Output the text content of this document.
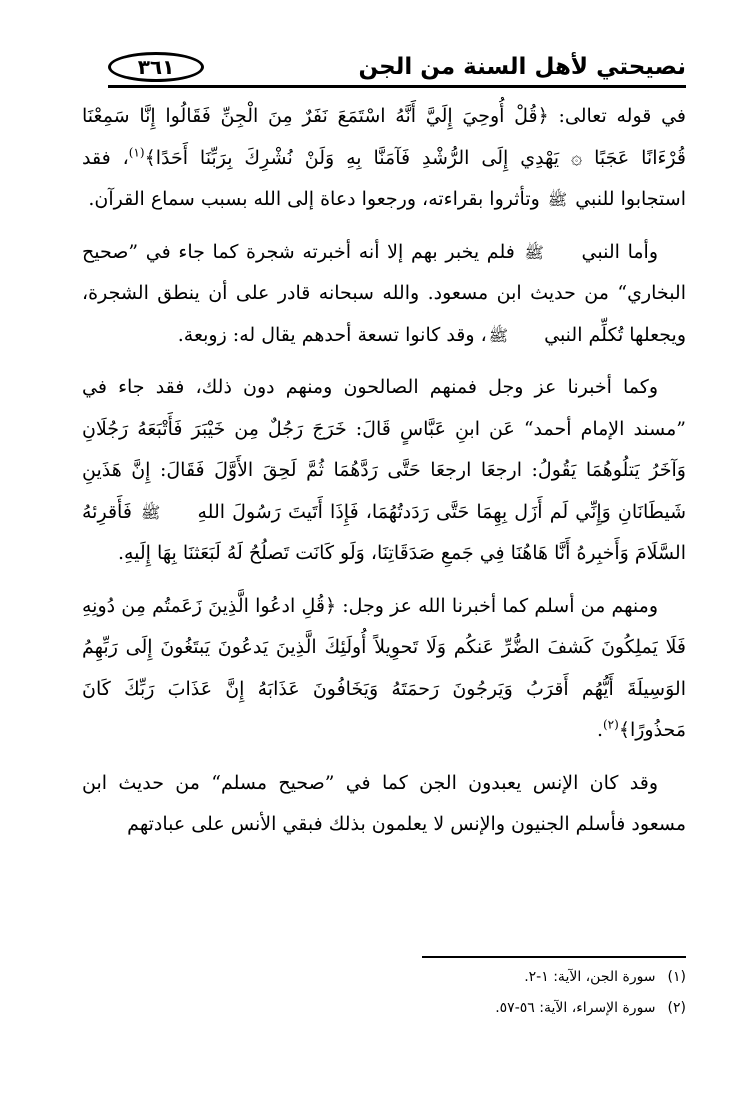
نصيحتي لأهل السنة من الجن
٣٦١

في قوله تعالى: ﴿قُلْ أُوحِيَ إِلَيَّ أَنَّهُ اسْتَمَعَ نَفَرٌ مِنَ الْجِنِّ فَقَالُوا إِنَّا سَمِعْنَا قُرْءَانًا عَجَبًا ۞ يَهْدِي إِلَى الرُّشْدِ فَآمَنَّا بِهِ وَلَنْ نُشْرِكَ بِرَبِّنَا أَحَدًا﴾$^{(١)}$، فقد استجابوا للنبي ﷺ وتأثروا بقراءته، ورجعوا دعاة إلى الله بسبب سماع القرآن.

وأما النبي ﷺ فلم يخبر بهم إلا أنه أخبرته شجرة كما جاء في ”صحيح البخاري“ من حديث ابن مسعود. والله سبحانه قادر على أن ينطق الشجرة، ويجعلها تُكلِّم النبي ﷺ، وقد كانوا تسعة أحدهم يقال له: زوبعة.

وكما أخبرنا عز وجل فمنهم الصالحون ومنهم دون ذلك، فقد جاء في ”مسند الإمام أحمد“ عَن ابنِ عَبَّاسٍ قَالَ: خَرَجَ رَجُلٌ مِن خَيْبَرَ فَأَتْبَعَهُ رَجُلَانِ وَآخَرُ يَتلُوهُمَا يَقُولُ: ارجعَا ارجعَا حَتَّى رَدَّهُمَا ثُمَّ لَحِقَ الأَوَّلَ فَقَالَ: إِنَّ هَذَينِ شَيطَانَانِ وَإِنِّي لَم أَزَل بِهِمَا حَتَّى رَدَدتُهُمَا، فَإِذَا أَتَيتَ رَسُولَ اللهِ ﷺ فَأَقرِئهُ السَّلَامَ وَأَخبِرهُ أَنَّا هَاهُنَا فِي جَمعِ صَدَقَاتِنَا، وَلَو كَانَت تَصلُحُ لَهُ لَبَعَثنَا بِهَا إِلَيهِ.

ومنهم من أسلم كما أخبرنا الله عز وجل: ﴿قُلِ ادعُوا الَّذِينَ زَعَمتُم مِن دُونِهِ فَلَا يَملِكُونَ كَشفَ الضُّرِّ عَنكُم وَلَا تَحوِيلاً أُولَئِكَ الَّذِينَ يَدعُونَ يَبتَغُونَ إِلَى رَبِّهِمُ الوَسِيلَةَ أَيُّهُم أَقرَبُ وَيَرجُونَ رَحمَتَهُ وَيَخَافُونَ عَذَابَهُ إِنَّ عَذَابَ رَبِّكَ كَانَ مَحذُورًا﴾$^{(٢)}$.

وقد كان الإنس يعبدون الجن كما في ”صحيح مسلم“ من حديث ابن مسعود فأسلم الجنيون والإنس لا يعلمون بذلك فبقي الأنس على عبادتهم

(١) سورة الجن، الآية: ١-٢.

(٢) سورة الإسراء، الآية: ٥٦-٥٧.
